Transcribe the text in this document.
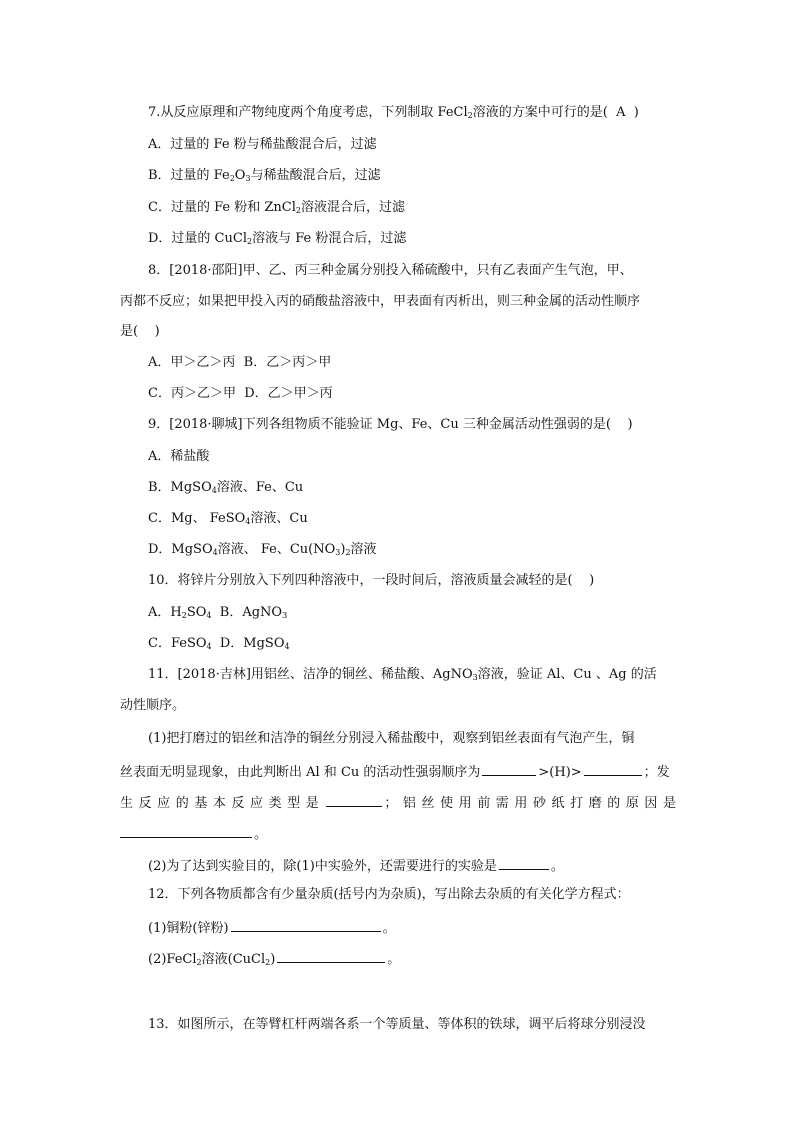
7.从反应原理和产物纯度两个角度考虑，下列制取 FeCl$_2$溶液的方案中可行的是(  A  )
A．过量的 Fe 粉与稀盐酸混合后，过滤
B．过量的 $Fe_2O_3$与稀盐酸混合后，过滤
C．过量的 Fe 粉和 ZnCl$_2$溶液混合后，过滤
D．过量的 CuCl$_2$溶液与 Fe 粉混合后，过滤
8．[2018·邵阳]甲、乙、丙三种金属分别投入稀硫酸中，只有乙表面产生气泡，甲、
丙都不反应；如果把甲投入丙的硝酸盐溶液中，甲表面有丙析出，则三种金属的活动性顺序
是(    )
A．甲＞乙＞丙  B．乙＞丙＞甲
C．丙＞乙＞甲  D．乙＞甲＞丙
9．[2018·聊城]下列各组物质不能验证 Mg、Fe、Cu 三种金属活动性强弱的是(    )
A．稀盐酸
B．MgSO$_4$溶液、Fe、Cu
C．Mg、 FeSO$_4$溶液、Cu
D．MgSO$_4$溶液、 Fe、$Cu(NO_3)_2$溶液
10．将锌片分别放入下列四种溶液中，一段时间后，溶液质量会减轻的是(    )
A．$H_2SO_4$  B．AgNO$_3$
C．FeSO$_4$  D．MgSO$_4$
11．[2018·吉林]用铝丝、洁净的铜丝、稀盐酸、AgNO$_3$溶液，验证 Al、Cu 、Ag 的活
动性顺序。
(1)把打磨过的铝丝和洁净的铜丝分别浸入稀盐酸中，观察到铝丝表面有气泡产生，铜
丝表面无明显现象，由此判断出 Al 和 Cu 的活动性强弱顺序为	>(H)>	；发
生反应的基本反应类型是	；铝丝使用前需用砂纸打磨的原因是
。
(2)为了达到实验目的，除(1)中实验外，还需要进行的实验是	。
12．下列各物质都含有少量杂质(括号内为杂质)，写出除去杂质的有关化学方程式：
(1)铜粉(锌粉)	。
(2)FeCl$_2$溶液(CuCl$_2$)	。
13．如图所示，在等臂杠杆两端各系一个等质量、等体积的铁球，调平后将球分别浸没
